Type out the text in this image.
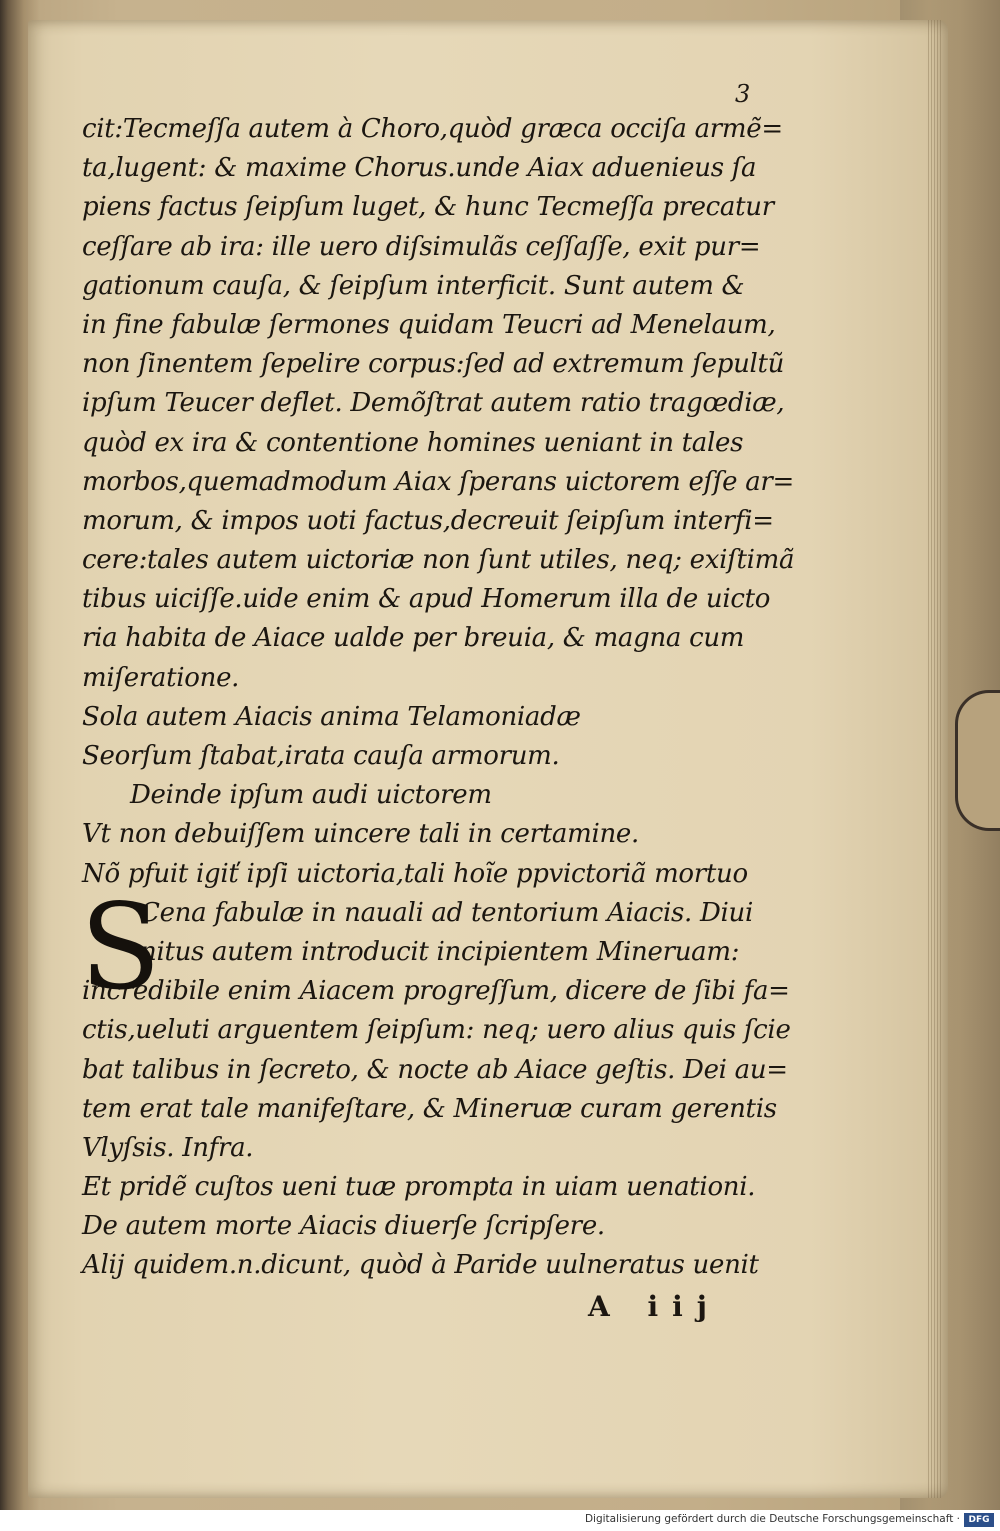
3
cit:Tecmeſſa autem à Choro,quòd græca occiſa armẽ=
ta,lugent: & maxime Chorus.unde Aiax aduenieus ſa
piens factus ſeipſum luget, & hunc Tecmeſſa precatur
ceſſare ab ira: ille uero diſsimulãs ceſſaſſe, exit pur=
gationum cauſa, & ſeipſum interficit. Sunt autem &
in fine fabulæ ſermones quidam Teucri ad Menelaum,
non ſinentem ſepelire corpus:ſed ad extremum ſepultũ
ipſum Teucer deflet. Demõſtrat autem ratio tragœdiæ,
quòd ex ira & contentione homines ueniant in tales
morbos,quemadmodum Aiax ſperans uictorem eſſe ar=
morum, & impos uoti factus,decreuit ſeipſum interfi=
cere:tales autem uictoriæ non ſunt utiles, neq; exiſtimã
tibus uiciſſe.uide enim & apud Homerum illa de uicto
ria habita de Aiace ualde per breuia, & magna cum
miſeratione.
Sola autem Aiacis anima Telamoniadæ
Seorſum ſtabat,irata cauſa armorum.
Deinde ipſum audi uictorem
Vt non debuiſſem uincere tali in certamine.
Nõ pfuit igiť ipſi uictoria,tali hoĩe ppvictoriã mortuo
S
Cena fabulæ in nauali ad tentorium Aiacis. Diui
nitus autem introducit incipientem Mineruam:
incredibile enim Aiacem progreſſum, dicere de ſibi fa=
ctis,ueluti arguentem ſeipſum: neq; uero alius quis ſcie
bat talibus in ſecreto, & nocte ab Aiace geſtis. Dei au=
tem erat tale manifeſtare, & Mineruæ curam gerentis
Vlyſsis. Infra.
Et pridẽ cuſtos ueni tuæ prompta in uiam uenationi.
De autem morte Aiacis diuerſe ſcripſere.
Alij quidem.n.dicunt, quòd à Paride uulneratus uenit
A iij
Digitalisierung gefördert durch die Deutsche Forschungsgemeinschaft · DFG
